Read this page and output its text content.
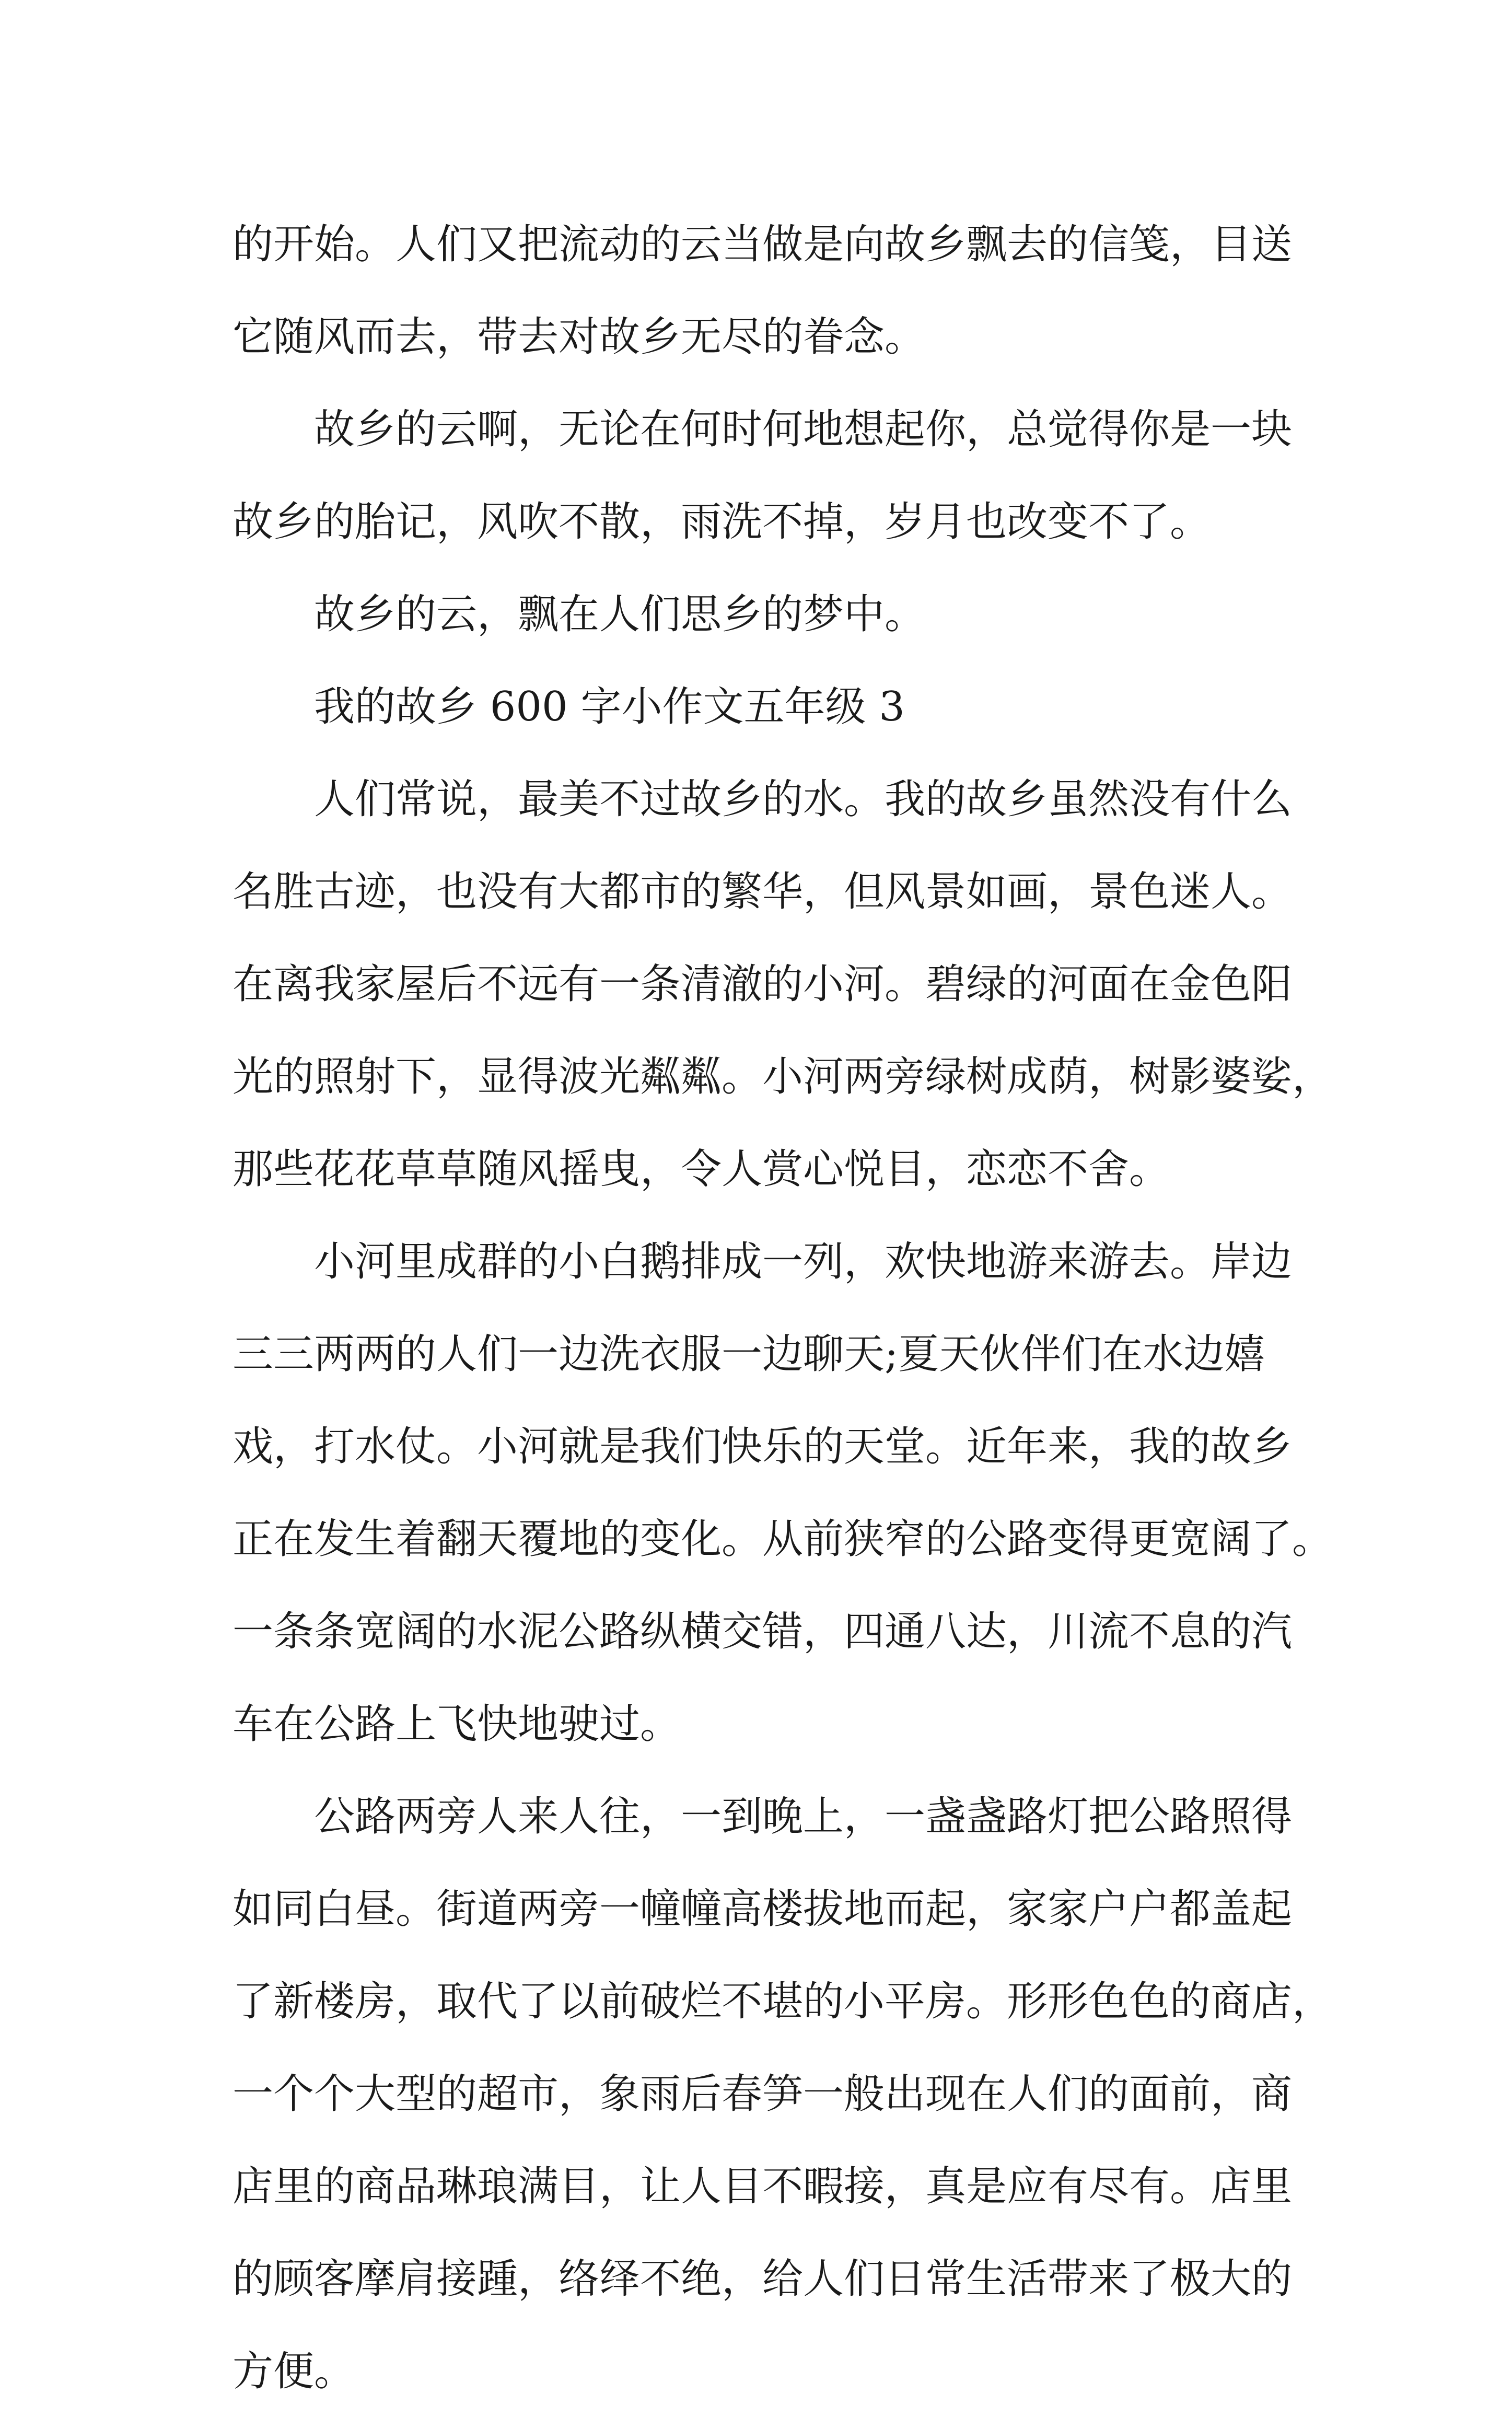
的开始。人们又把流动的云当做是向故乡飘去的信笺，目送
它随风而去，带去对故乡无尽的眷念。

故乡的云啊，无论在何时何地想起你，总觉得你是一块
故乡的胎记，风吹不散，雨洗不掉，岁月也改变不了。

故乡的云，飘在人们思乡的梦中。

我的故乡 600 字小作文五年级 3

人们常说，最美不过故乡的水。我的故乡虽然没有什么
名胜古迹，也没有大都市的繁华，但风景如画，景色迷人。
在离我家屋后不远有一条清澈的小河。碧绿的河面在金色阳
光的照射下，显得波光粼粼。小河两旁绿树成荫，树影婆娑，
那些花花草草随风摇曳，令人赏心悦目，恋恋不舍。

小河里成群的小白鹅排成一列，欢快地游来游去。岸边
三三两两的人们一边洗衣服一边聊天;夏天伙伴们在水边嬉
戏，打水仗。小河就是我们快乐的天堂。近年来，我的故乡
正在发生着翻天覆地的变化。从前狭窄的公路变得更宽阔了。
一条条宽阔的水泥公路纵横交错，四通八达，川流不息的汽
车在公路上飞快地驶过。

公路两旁人来人往，一到晚上，一盏盏路灯把公路照得
如同白昼。街道两旁一幢幢高楼拔地而起，家家户户都盖起
了新楼房，取代了以前破烂不堪的小平房。形形色色的商店，
一个个大型的超市，象雨后春笋一般出现在人们的面前，商
店里的商品琳琅满目，让人目不暇接，真是应有尽有。店里
的顾客摩肩接踵，络绎不绝，给人们日常生活带来了极大的
方便。
